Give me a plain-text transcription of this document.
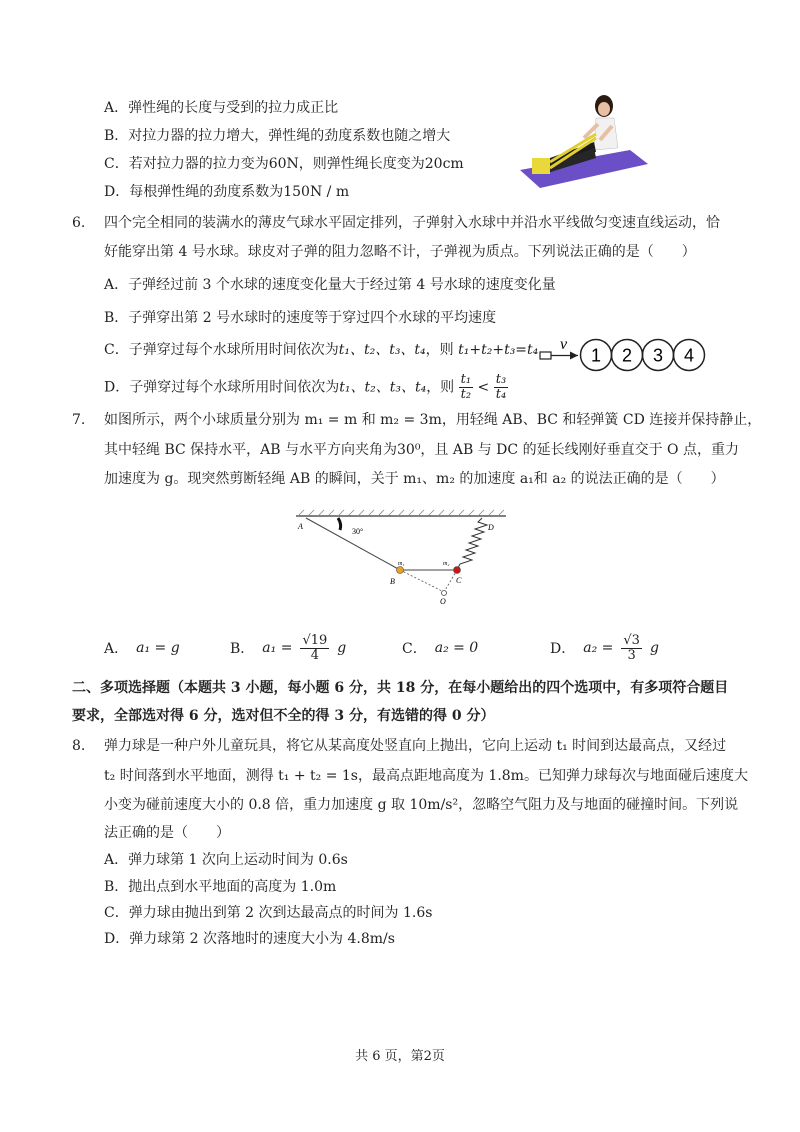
A．弹性绳的长度与受到的拉力成正比
B．对拉力器的拉力增大，弹性绳的劲度系数也随之增大
C．若对拉力器的拉力变为60N，则弹性绳长度变为20cm
D．每根弹性绳的劲度系数为150N / m
6. 四个完全相同的装满水的薄皮气球水平固定排列，子弹射入水球中并沿水平线做匀变速直线运动，恰
好能穿出第 4 号水球。球皮对子弹的阻力忽略不计，子弹视为质点。下列说法正确的是（　　）
A．子弹经过前 3 个水球的速度变化量大于经过第 4 号水球的速度变化量
B．子弹穿出第 2 号水球时的速度等于穿过四个水球的平均速度
C．子弹穿过每个水球所用时间依次为t₁、t₂、t₃、t₄，则 t₁+t₂+t₃=t₄
D．子弹穿过每个水球所用时间依次为t₁、t₂、t₃、t₄，则 $\frac{\text{t₁}}{\text{t₂}} < \frac{\text{t₃}}{\text{t₄}}$
v
1 2 3 4
7. 如图所示，两个小球质量分别为 m₁ = m 和 m₂ = 3m，用轻绳 AB、BC 和轻弹簧 CD 连接并保持静止，
其中轻绳 BC 保持水平，AB 与水平方向夹角为30⁰，且 AB 与 DC 的延长线刚好垂直交于 O 点，重力
加速度为 g。现突然剪断轻绳 AB 的瞬间，关于 m₁、m₂ 的加速度 a₁和 a₂ 的说法正确的是（　　）
A
30°	D
m₁	m₂
B	C
O
A． a₁ = g	B． $a_1 = \frac{√19}{4}$ g	C． a₂ = 0	D． $a_2 = \frac{√3}{3}$ g
二、多项选择题（本题共 3 小题，每小题 6 分，共 18 分，在每小题给出的四个选项中，有多项符合题目
要求，全部选对得 6 分，选对但不全的得 3 分，有选错的得 0 分）
8. 弹力球是一种户外儿童玩具，将它从某高度处竖直向上抛出，它向上运动 t₁ 时间到达最高点，又经过
t₂ 时间落到水平地面，测得 t₁ + t₂ = 1s，最高点距地高度为 1.8m。已知弹力球每次与地面碰后速度大
小变为碰前速度大小的 0.8 倍，重力加速度 g 取 10m/s²，忽略空气阻力及与地面的碰撞时间。下列说
法正确的是（　　）
A．弹力球第 1 次向上运动时间为 0.6s
B．抛出点到水平地面的高度为 1.0m
C．弹力球由抛出到第 2 次到达最高点的时间为 1.6s
D．弹力球第 2 次落地时的速度大小为 4.8m/s
共 6 页，第2页
